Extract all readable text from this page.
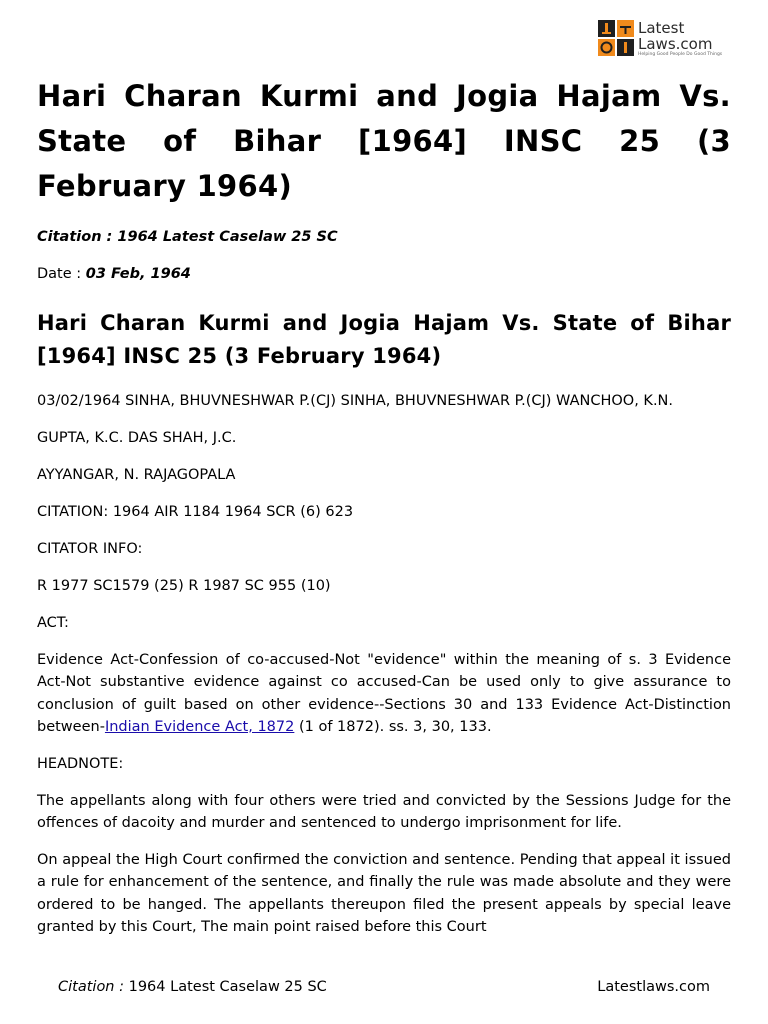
Latest
Laws.com
Helping Good People Do Good Things
Hari Charan Kurmi and Jogia Hajam Vs. State of Bihar [1964] INSC 25 (3 February 1964)

Citation : 1964 Latest Caselaw 25 SC

Date : 03 Feb, 1964

Hari Charan Kurmi and Jogia Hajam Vs. State of Bihar [1964] INSC 25 (3 February 1964)

03/02/1964 SINHA, BHUVNESHWAR P.(CJ) SINHA, BHUVNESHWAR P.(CJ) WANCHOO, K.N.

GUPTA, K.C. DAS SHAH, J.C.

AYYANGAR, N. RAJAGOPALA

CITATION: 1964 AIR 1184 1964 SCR (6) 623

CITATOR INFO:

R 1977 SC1579 (25) R 1987 SC 955 (10)

ACT:

Evidence Act-Confession of co-accused-Not "evidence" within the meaning of s. 3 Evidence Act-Not substantive evidence against co accused-Can be used only to give assurance to conclusion of guilt based on other evidence--Sections 30 and 133 Evidence Act-Distinction between-Indian Evidence Act, 1872 (1 of 1872). ss. 3, 30, 133.

HEADNOTE:

The appellants along with four others were tried and convicted by the Sessions Judge for the offences of dacoity and murder and sentenced to undergo imprisonment for life.

On appeal the High Court confirmed the conviction and sentence. Pending that appeal it issued a rule for enhancement of the sentence, and finally the rule was made absolute and they were ordered to be hanged. The appellants thereupon filed the present appeals by special leave granted by this Court, The main point raised before this Court

Citation : 1964 Latest Caselaw 25 SC	Latestlaws.com
